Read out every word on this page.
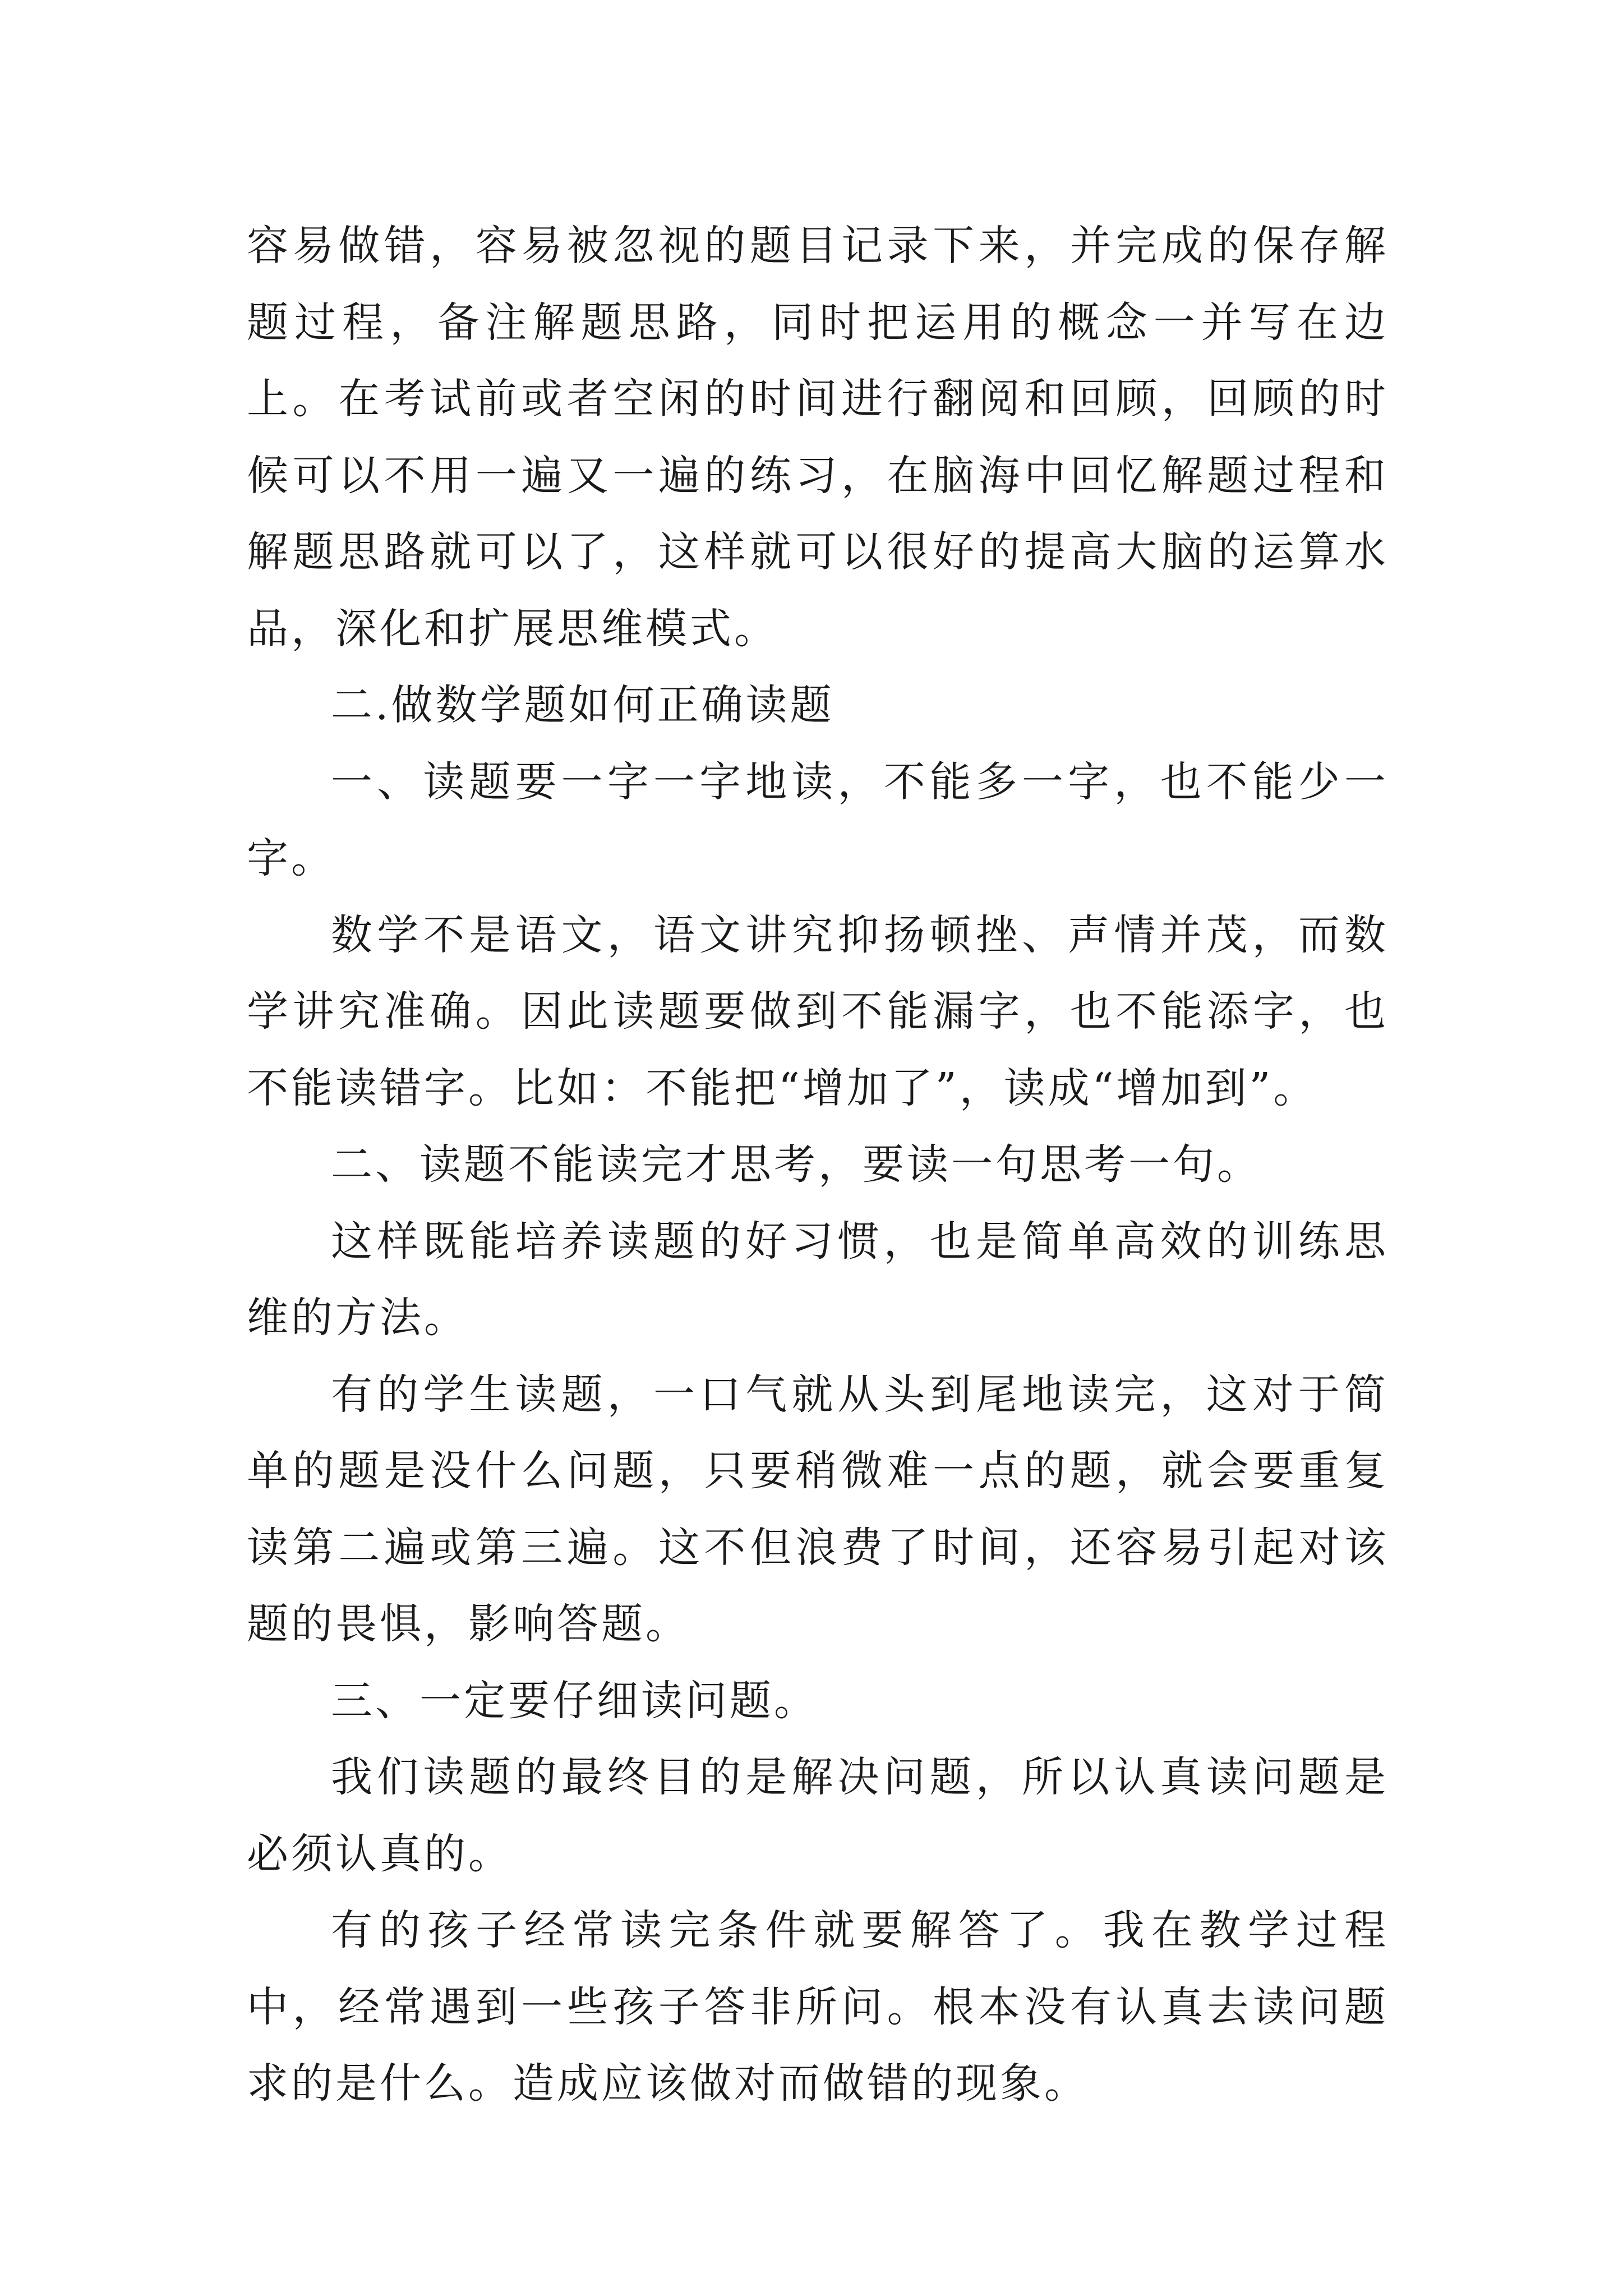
容易做错，容易被忽视的题目记录下来，并完成的保存解题过程，备注解题思路，同时把运用的概念一并写在边上。在考试前或者空闲的时间进行翻阅和回顾，回顾的时候可以不用一遍又一遍的练习，在脑海中回忆解题过程和解题思路就可以了，这样就可以很好的提高大脑的运算水品，深化和扩展思维模式。

二.做数学题如何正确读题

一、读题要一字一字地读，不能多一字，也不能少一字。

数学不是语文，语文讲究抑扬顿挫、声情并茂，而数学讲究准确。因此读题要做到不能漏字，也不能添字，也不能读错字。比如：不能把“增加了”，读成“增加到”。

二、读题不能读完才思考，要读一句思考一句。

这样既能培养读题的好习惯，也是简单高效的训练思维的方法。

有的学生读题，一口气就从头到尾地读完，这对于简单的题是没什么问题，只要稍微难一点的题，就会要重复读第二遍或第三遍。这不但浪费了时间，还容易引起对该题的畏惧，影响答题。

三、一定要仔细读问题。

我们读题的最终目的是解决问题，所以认真读问题是必须认真的。

有的孩子经常读完条件就要解答了。我在教学过程中，经常遇到一些孩子答非所问。根本没有认真去读问题求的是什么。造成应该做对而做错的现象。
